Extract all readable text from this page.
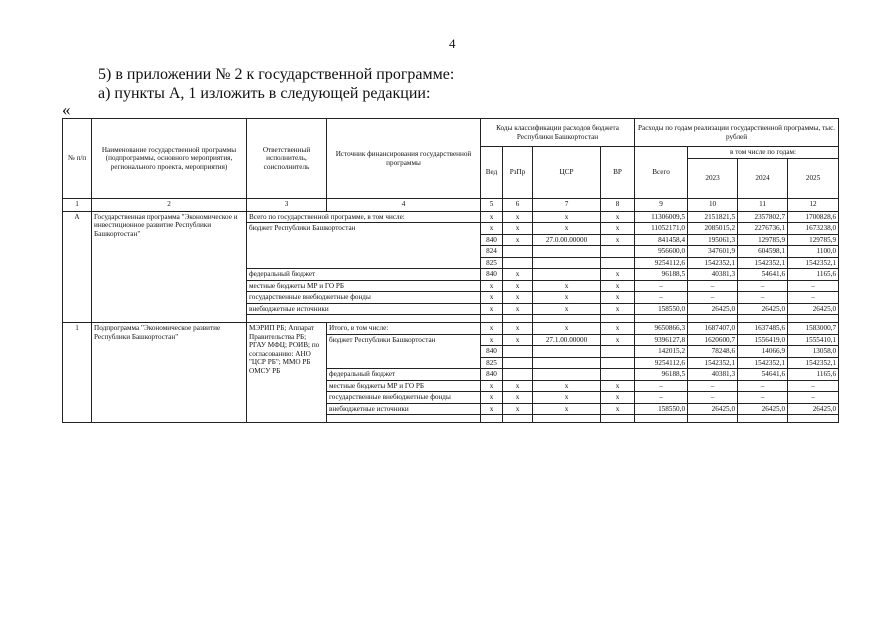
4
5) в приложении № 2 к государственной программе:
а) пункты А, 1 изложить в следующей редакции:
«
№ п/п	Наименование государственной программы (подпрограммы, основного мероприятия, регионального проекта, мероприятия)	Ответственный исполнитель, соисполнитель	Источник финансирования государственной программы	Коды классификации расходов бюджета Республики Башкортостан				Расходы по годам реализации государственной программы, тыс. рублей			
				Вед	РзПр	ЦСР	ВР	Всего	в том числе по годам:		
									2023	2024	2025
1	2	3	4	5	6	7	8	9	10	11	12
А	Государственная программа "Экономическое и инвестиционное развитие Республики Башкортостан"	Всего по государственной программе, в том числе:		x	x	x	x	11306009,5	2151821,5	2357802,7	1700828,6
		бюджет Республики Башкортостан		x	x	x	x	11052171,0	2085015,2	2276736,1	1673238,0
				840	x	27.0.00.00000	x	841458,4	195061,3	129785,9	129785,9
				824				956600,0	347601,9	604598,1	1100,0
				825				9254112,6	1542352,1	1542352,1	1542352,1
		федеральный бюджет		840	x		x	96188,5	40381,3	54641,6	1165,6
		местные бюджеты МР и ГО РБ		x	x	x	x	–	–	–	–
		государственные внебюджетные фонды		x	x	x	x	–	–	–	–
		внебюджетные источники		x	x	x	x	158550,0	26425,0	26425,0	26425,0

1	Подпрограмма "Экономическое развитие Республики Башкортостан"	МЭРИП РБ; Аппарат Правительства РБ; РГАУ МФЦ; РОИВ; по согласованию: АНО "ЦСР РБ"; ММО РБ ОМСУ РБ	Итого, в том числе:	x	x	x	x	9650866,3	1687407,0	1637485,6	1583000,7
			бюджет Республики Башкортостан	x	x	27.1.00.00000	x	9396127,8	1620600,7	1556419,0	1555410,1
				840				142015,2	78248,6	14066,9	13058,0
				825				9254112,6	1542352,1	1542352,1	1542352,1
			федеральный бюджет	840				96188,5	40381,3	54641,6	1165,6
			местные бюджеты МР и ГО РБ	x	x	x	x	–	–	–	–
			государственные внебюджетные фонды	x	x	x	x	–	–	–	–
			внебюджетные источники	x	x	x	x	158550,0	26425,0	26425,0	26425,0
